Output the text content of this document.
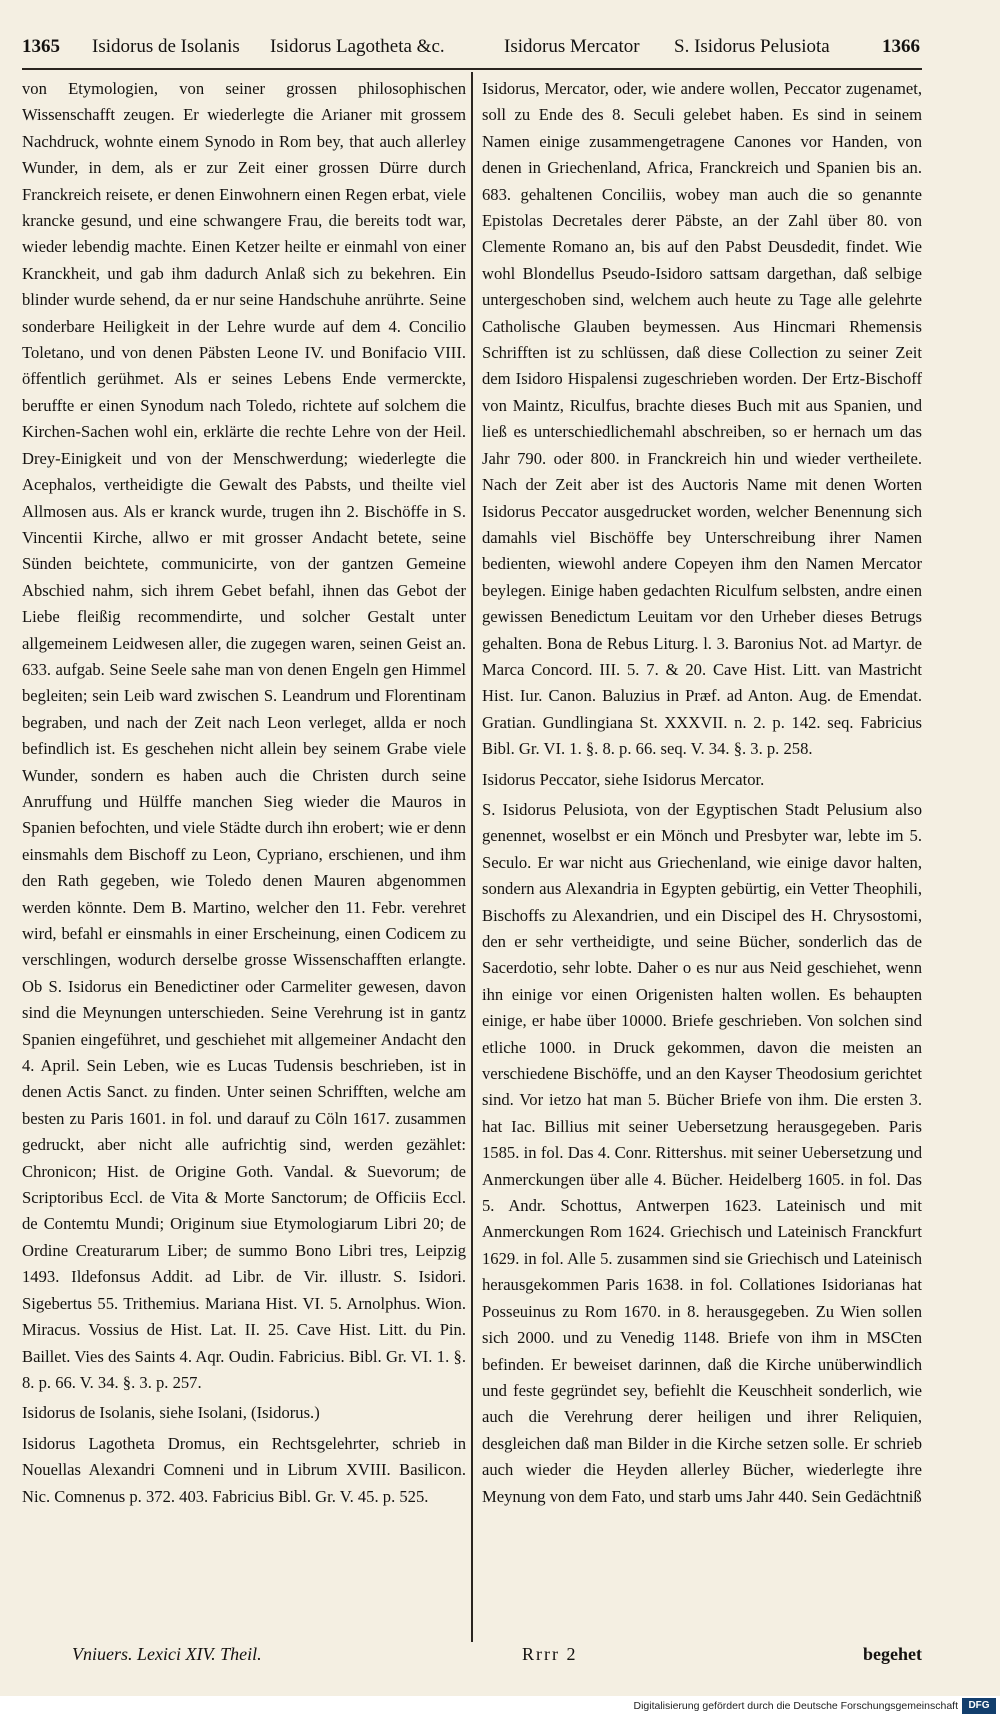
1365 Isidorus de Isolanis Isidorus Lagotheta &c.	Isidorus Mercator S. Isidorus Pelusiota	1366

von Etymologien, von seiner grossen philosophischen Wissenschafft zeugen. Er wiederlegte die Arianer mit grossem Nachdruck, wohnte einem Synodo in Rom bey, that auch allerley Wunder, in dem, als er zur Zeit einer grossen Dürre durch Franckreich reisete, er denen Einwohnern einen Regen erbat, viele krancke gesund, und eine schwangere Frau, die bereits todt war, wieder lebendig machte. Einen Ketzer heilte er einmahl von einer Kranckheit, und gab ihm dadurch Anlaß sich zu bekehren. Ein blinder wurde sehend, da er nur seine Handschuhe anrührte. Seine sonderbare Heiligkeit in der Lehre wurde auf dem 4. Concilio Toletano, und von denen Päbsten Leone IV. und Bonifacio VIII. öffentlich gerühmet. Als er seines Lebens Ende vermerckte, beruffte er einen Synodum nach Toledo, richtete auf solchem die Kirchen-Sachen wohl ein, erklärte die rechte Lehre von der Heil. Drey-Einigkeit und von der Menschwerdung; wiederlegte die Acephalos, vertheidigte die Gewalt des Pabsts, und theilte viel Allmosen aus. Als er kranck wurde, trugen ihn 2. Bischöffe in S. Vincentii Kirche, allwo er mit grosser Andacht betete, seine Sünden beichtete, communicirte, von der gantzen Gemeine Abschied nahm, sich ihrem Gebet befahl, ihnen das Gebot der Liebe fleißig recommendirte, und solcher Gestalt unter allgemeinem Leidwesen aller, die zugegen waren, seinen Geist an. 633. aufgab. Seine Seele sahe man von denen Engeln gen Himmel begleiten; sein Leib ward zwischen S. Leandrum und Florentinam begraben, und nach der Zeit nach Leon verleget, allda er noch befindlich ist. Es geschehen nicht allein bey seinem Grabe viele Wunder, sondern es haben auch die Christen durch seine Anruffung und Hülffe manchen Sieg wieder die Mauros in Spanien befochten, und viele Städte durch ihn erobert; wie er denn einsmahls dem Bischoff zu Leon, Cypriano, erschienen, und ihm den Rath gegeben, wie Toledo denen Mauren abgenommen werden könnte. Dem B. Martino, welcher den 11. Febr. verehret wird, befahl er einsmahls in einer Erscheinung, einen Codicem zu verschlingen, wodurch derselbe grosse Wissenschafften erlangte. Ob S. Isidorus ein Benedictiner oder Carmeliter gewesen, davon sind die Meynungen unterschieden. Seine Verehrung ist in gantz Spanien eingeführet, und geschiehet mit allgemeiner Andacht den 4. April. Sein Leben, wie es Lucas Tudensis beschrieben, ist in denen Actis Sanct. zu finden. Unter seinen Schrifften, welche am besten zu Paris 1601. in fol. und darauf zu Cöln 1617. zusammen gedruckt, aber nicht alle aufrichtig sind, werden gezählet: Chronicon; Hist. de Origine Goth. Vandal. & Suevorum; de Scriptoribus Eccl. de Vita & Morte Sanctorum; de Officiis Eccl. de Contemtu Mundi; Originum siue Etymologiarum Libri 20; de Ordine Creaturarum Liber; de summo Bono Libri tres, Leipzig 1493. Ildefonsus Addit. ad Libr. de Vir. illustr. S. Isidori. Sigebertus 55. Trithemius. Mariana Hist. VI. 5. Arnolphus. Wion. Miracus. Vossius de Hist. Lat. II. 25. Cave Hist. Litt. du Pin. Baillet. Vies des Saints 4. Aqr. Oudin. Fabricius. Bibl. Gr. VI. 1. §. 8. p. 66. V. 34. §. 3. p. 257.

Isidorus de Isolanis, siehe Isolani, (Isidorus.)

Isidorus Lagotheta Dromus, ein Rechtsgelehrter, schrieb in Nouellas Alexandri Comneni und in Librum XVIII. Basilicon. Nic. Comnenus p. 372. 403. Fabricius Bibl. Gr. V. 45. p. 525.

Isidorus, Mercator, oder, wie andere wollen, Peccator zugenamet, soll zu Ende des 8. Seculi gelebet haben. Es sind in seinem Namen einige zusammengetragene Canones vor Handen, von denen in Griechenland, Africa, Franckreich und Spanien bis an. 683. gehaltenen Conciliis, wobey man auch die so genannte Epistolas Decretales derer Päbste, an der Zahl über 80. von Clemente Romano an, bis auf den Pabst Deusdedit, findet. Wie wohl Blondellus Pseudo-Isidoro sattsam dargethan, daß selbige untergeschoben sind, welchem auch heute zu Tage alle gelehrte Catholische Glauben beymessen. Aus Hincmari Rhemensis Schrifften ist zu schlüssen, daß diese Collection zu seiner Zeit dem Isidoro Hispalensi zugeschrieben worden. Der Ertz-Bischoff von Maintz, Riculfus, brachte dieses Buch mit aus Spanien, und ließ es unterschiedlichemahl abschreiben, so er hernach um das Jahr 790. oder 800. in Franckreich hin und wieder vertheilete. Nach der Zeit aber ist des Auctoris Name mit denen Worten Isidorus Peccator ausgedrucket worden, welcher Benennung sich damahls viel Bischöffe bey Unterschreibung ihrer Namen bedienten, wiewohl andere Copeyen ihm den Namen Mercator beylegen. Einige haben gedachten Riculfum selbsten, andre einen gewissen Benedictum Leuitam vor den Urheber dieses Betrugs gehalten. Bona de Rebus Liturg. l. 3. Baronius Not. ad Martyr. de Marca Concord. III. 5. 7. & 20. Cave Hist. Litt. van Mastricht Hist. Iur. Canon. Baluzius in Præf. ad Anton. Aug. de Emendat. Gratian. Gundlingiana St. XXXVII. n. 2. p. 142. seq. Fabricius Bibl. Gr. VI. 1. §. 8. p. 66. seq. V. 34. §. 3. p. 258.

Isidorus Peccator, siehe Isidorus Mercator.

S. Isidorus Pelusiota, von der Egyptischen Stadt Pelusium also genennet, woselbst er ein Mönch und Presbyter war, lebte im 5. Seculo. Er war nicht aus Griechenland, wie einige davor halten, sondern aus Alexandria in Egypten gebürtig, ein Vetter Theophili, Bischoffs zu Alexandrien, und ein Discipel des H. Chrysostomi, den er sehr vertheidigte, und seine Bücher, sonderlich das de Sacerdotio, sehr lobte. Daher o es nur aus Neid geschiehet, wenn ihn einige vor einen Origenisten halten wollen. Es behaupten einige, er habe über 10000. Briefe geschrieben. Von solchen sind etliche 1000. in Druck gekommen, davon die meisten an verschiedene Bischöffe, und an den Kayser Theodosium gerichtet sind. Vor ietzo hat man 5. Bücher Briefe von ihm. Die ersten 3. hat Iac. Billius mit seiner Uebersetzung herausgegeben. Paris 1585. in fol. Das 4. Conr. Rittershus. mit seiner Uebersetzung und Anmerckungen über alle 4. Bücher. Heidelberg 1605. in fol. Das 5. Andr. Schottus, Antwerpen 1623. Lateinisch und mit Anmerckungen Rom 1624. Griechisch und Lateinisch Franckfurt 1629. in fol. Alle 5. zusammen sind sie Griechisch und Lateinisch herausgekommen Paris 1638. in fol. Collationes Isidorianas hat Posseuinus zu Rom 1670. in 8. herausgegeben. Zu Wien sollen sich 2000. und zu Venedig 1148. Briefe von ihm in MSCten befinden. Er beweiset darinnen, daß die Kirche unüberwindlich und feste gegründet sey, befiehlt die Keuschheit sonderlich, wie auch die Verehrung derer heiligen und ihrer Reliquien, desgleichen daß man Bilder in die Kirche setzen solle. Er schrieb auch wieder die Heyden allerley Bücher, wiederlegte ihre Meynung von dem Fato, und starb ums Jahr 440. Sein Gedächtniß

Vniuers. Lexici XIV. Theil.	Rrrr 2	begehet
Digitalisierung gefördert durch die Deutsche Forschungsgemeinschaft	DFG
